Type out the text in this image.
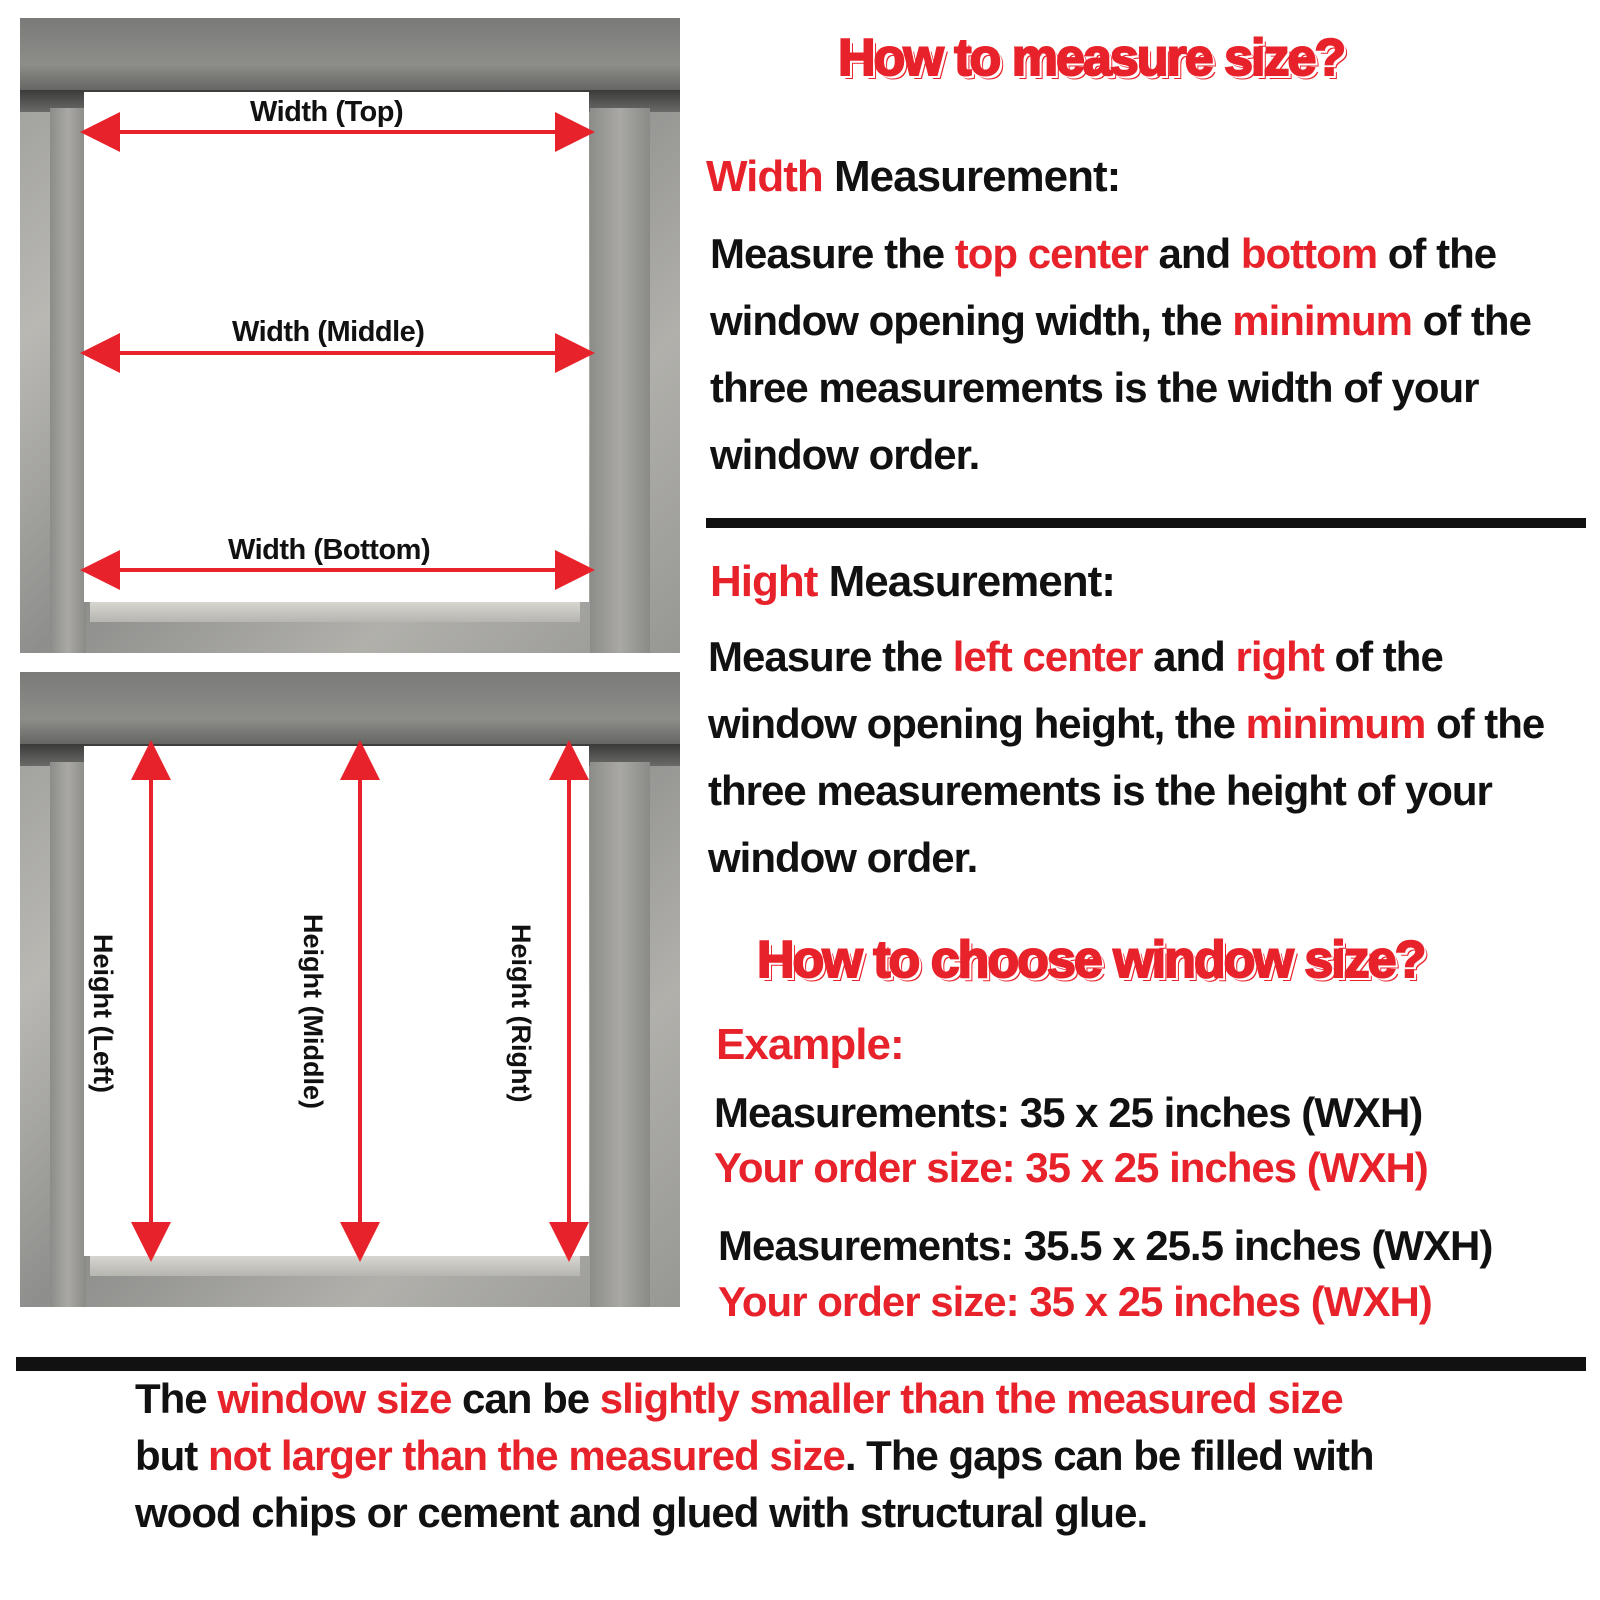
Width (Top)
Width (Middle)
Width (Bottom)
Height (Left)	Height (Middle)	Height (Right)
How to measure size?
Width Measurement:
Measure the top center and bottom of the
window opening width, the minimum of the
three measurements is the width of your
window order.
Hight Measurement:
Measure the left center and right of the
window opening height, the minimum of the
three measurements is the height of your
window order.
How to choose window size?
Example:
Measurements: 35 x 25 inches (WXH)
Your order size: 35 x 25 inches (WXH)
Measurements: 35.5 x 25.5 inches (WXH)
Your order size: 35 x 25 inches (WXH)
The window size can be slightly smaller than the measured size
but not larger than the measured size. The gaps can be filled with
wood chips or cement and glued with structural glue.
